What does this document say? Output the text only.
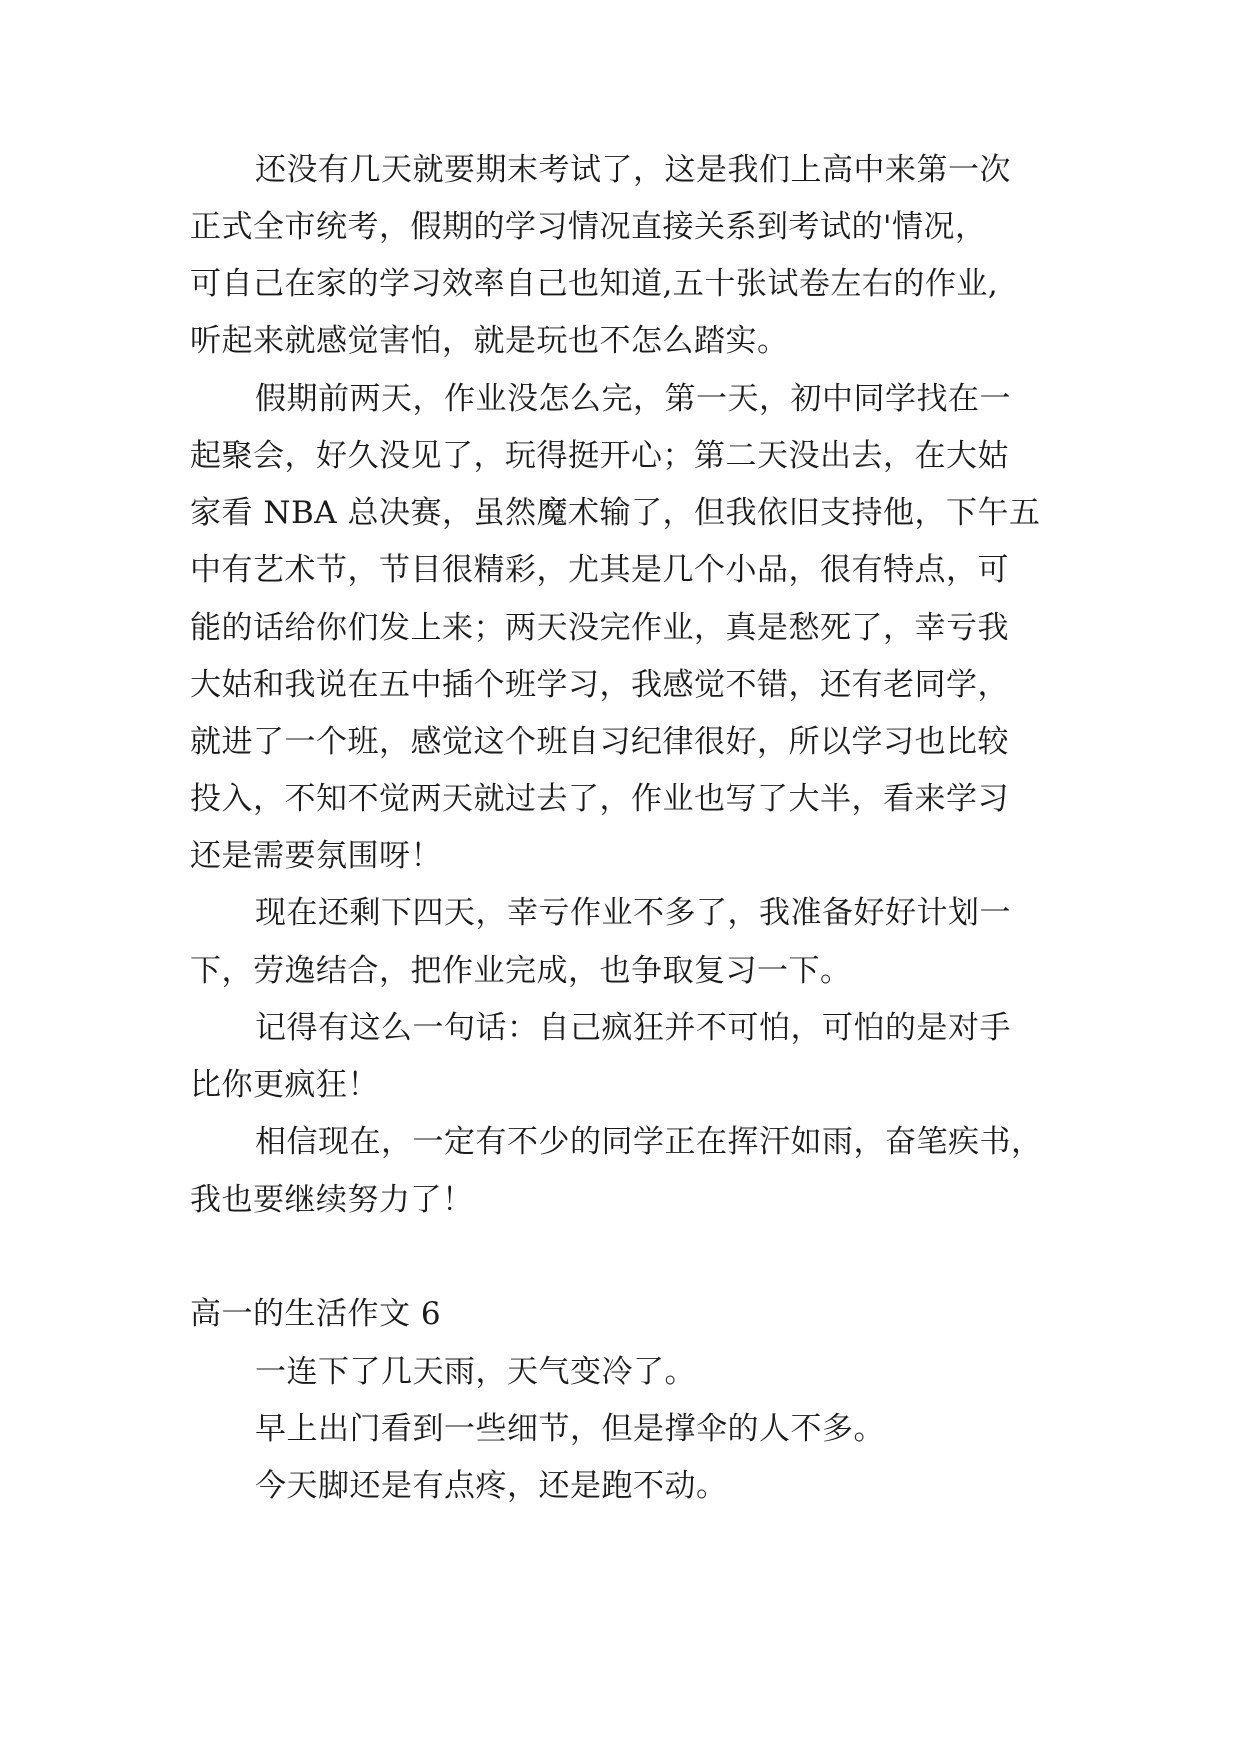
还没有几天就要期末考试了，这是我们上高中来第一次

正式全市统考，假期的学习情况直接关系到考试的'情况，

可自己在家的学习效率自己也知道,五十张试卷左右的作业,

听起来就感觉害怕，就是玩也不怎么踏实。

假期前两天，作业没怎么完，第一天，初中同学找在一

起聚会，好久没见了，玩得挺开心；第二天没出去，在大姑

家看 NBA 总决赛，虽然魔术输了，但我依旧支持他，下午五

中有艺术节，节目很精彩，尤其是几个小品，很有特点，可

能的话给你们发上来；两天没完作业，真是愁死了，幸亏我

大姑和我说在五中插个班学习，我感觉不错，还有老同学，

就进了一个班，感觉这个班自习纪律很好，所以学习也比较

投入，不知不觉两天就过去了，作业也写了大半，看来学习

还是需要氛围呀！

现在还剩下四天，幸亏作业不多了，我准备好好计划一

下，劳逸结合，把作业完成，也争取复习一下。

记得有这么一句话：自己疯狂并不可怕，可怕的是对手

比你更疯狂！

相信现在，一定有不少的同学正在挥汗如雨，奋笔疾书，

我也要继续努力了！

高一的生活作文 6

一连下了几天雨，天气变冷了。

早上出门看到一些细节，但是撑伞的人不多。

今天脚还是有点疼，还是跑不动。
